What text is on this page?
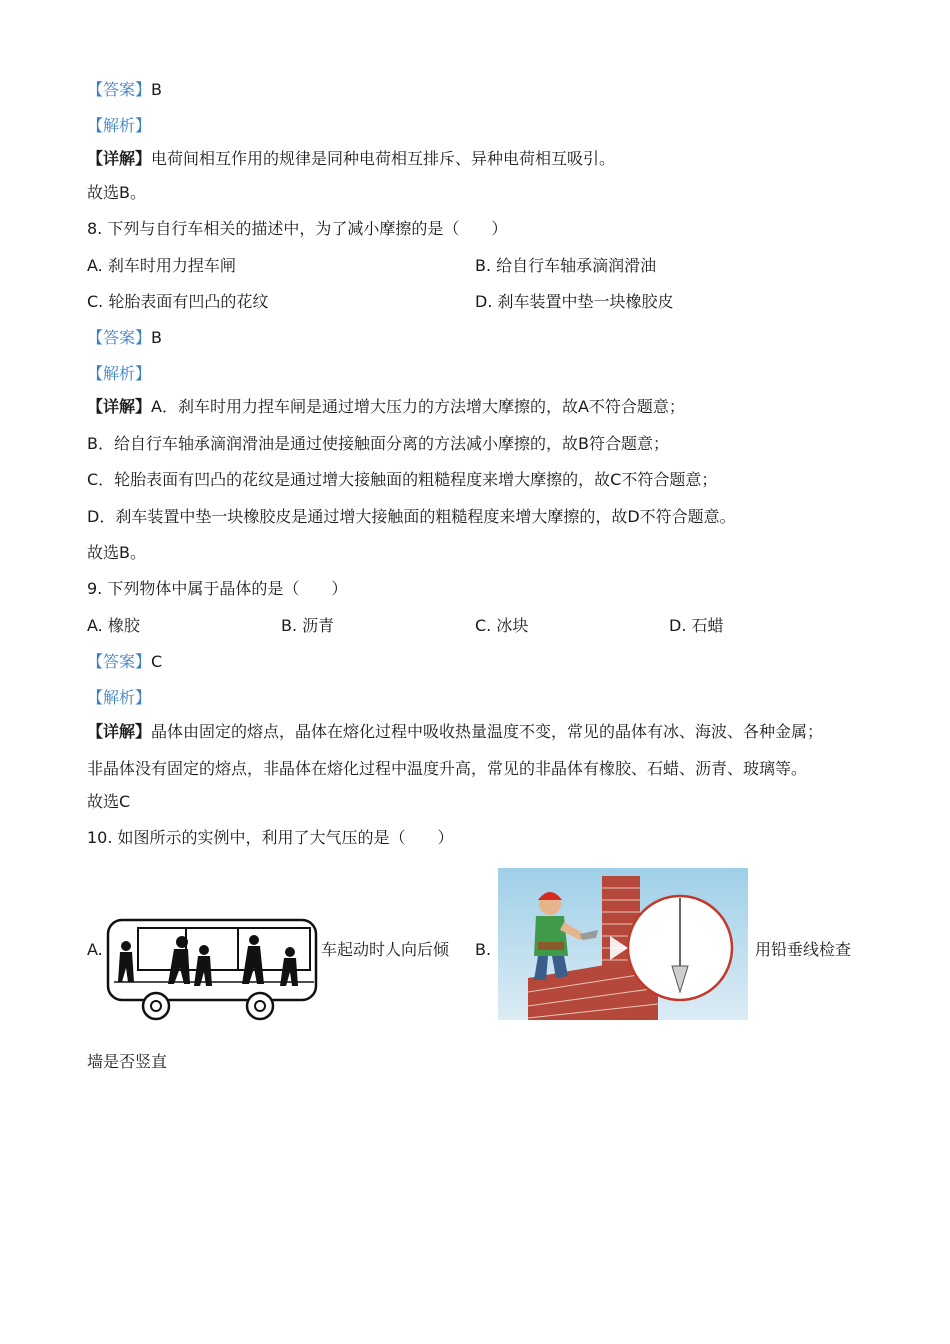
【答案】B
【解析】
【详解】电荷间相互作用的规律是同种电荷相互排斥、异种电荷相互吸引。
故选B。
8. 下列与自行车相关的描述中，为了减小摩擦的是（　　）
A. 刹车时用力捏车闸	B. 给自行车轴承滴润滑油
C. 轮胎表面有凹凸的花纹	D. 刹车装置中垫一块橡胶皮
【答案】B
【解析】
【详解】A．刹车时用力捏车闸是通过增大压力的方法增大摩擦的，故A不符合题意；
B．给自行车轴承滴润滑油是通过使接触面分离的方法减小摩擦的，故B符合题意；
C．轮胎表面有凹凸的花纹是通过增大接触面的粗糙程度来增大摩擦的，故C不符合题意；
D．刹车装置中垫一块橡胶皮是通过增大接触面的粗糙程度来增大摩擦的，故D不符合题意。
故选B。
9. 下列物体中属于晶体的是（　　）
A. 橡胶	B. 沥青	C. 冰块	D. 石蜡
【答案】C
【解析】
【详解】晶体由固定的熔点，晶体在熔化过程中吸收热量温度不变，常见的晶体有冰、海波、各种金属；
非晶体没有固定的熔点，非晶体在熔化过程中温度升高，常见的非晶体有橡胶、石蜡、沥青、玻璃等。
故选C
10. 如图所示的实例中，利用了大气压的是（　　）
A.	车起动时人向后倾 B.	用铅垂线检查
墙是否竖直
